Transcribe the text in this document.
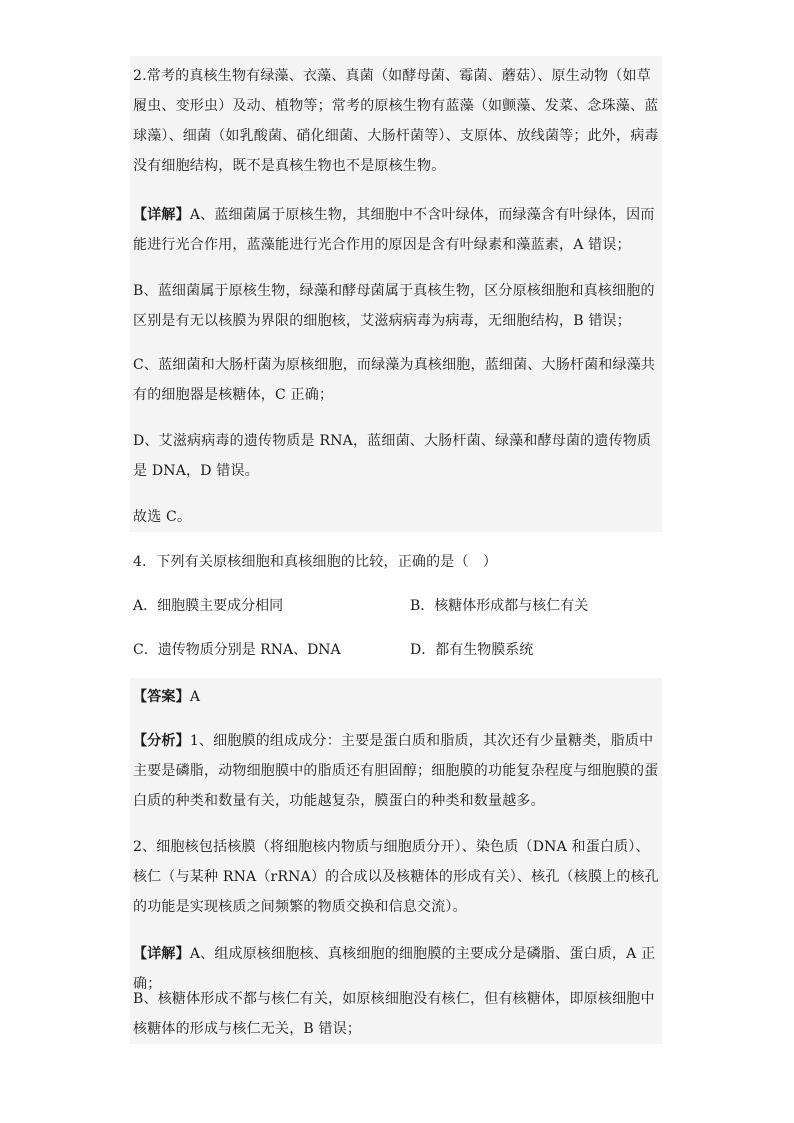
2.常考的真核生物有绿藻、衣藻、真菌（如酵母菌、霉菌、蘑菇）、原生动物（如草履虫、变形虫）及动、植物等；常考的原核生物有蓝藻（如颤藻、发菜、念珠藻、蓝球藻）、细菌（如乳酸菌、硝化细菌、大肠杆菌等）、支原体、放线菌等；此外，病毒没有细胞结构，既不是真核生物也不是原核生物。

【详解】A、蓝细菌属于原核生物，其细胞中不含叶绿体，而绿藻含有叶绿体，因而能进行光合作用，蓝藻能进行光合作用的原因是含有叶绿素和藻蓝素，A 错误；

B、蓝细菌属于原核生物，绿藻和酵母菌属于真核生物，区分原核细胞和真核细胞的区别是有无以核膜为界限的细胞核，艾滋病病毒为病毒，无细胞结构，B 错误；

C、蓝细菌和大肠杆菌为原核细胞，而绿藻为真核细胞，蓝细菌、大肠杆菌和绿藻共有的细胞器是核糖体，C 正确；

D、艾滋病病毒的遗传物质是 RNA，蓝细菌、大肠杆菌、绿藻和酵母菌的遗传物质是 DNA，D 错误。

故选 C。

4．下列有关原核细胞和真核细胞的比较，正确的是（　）

A．细胞膜主要成分相同	B．核糖体形成都与核仁有关
C．遗传物质分别是 RNA、DNA	D．都有生物膜系统

【答案】A

【分析】1、细胞膜的组成成分：主要是蛋白质和脂质，其次还有少量糖类，脂质中主要是磷脂，动物细胞膜中的脂质还有胆固醇；细胞膜的功能复杂程度与细胞膜的蛋白质的种类和数量有关，功能越复杂，膜蛋白的种类和数量越多。

2、细胞核包括核膜（将细胞核内物质与细胞质分开）、染色质（DNA 和蛋白质）、核仁（与某种 RNA（rRNA）的合成以及核糖体的形成有关）、核孔（核膜上的核孔的功能是实现核质之间频繁的物质交换和信息交流）。

【详解】A、组成原核细胞核、真核细胞的细胞膜的主要成分是磷脂、蛋白质，A 正确；

B、核糖体形成不都与核仁有关，如原核细胞没有核仁，但有核糖体，即原核细胞中核糖体的形成与核仁无关，B 错误；
